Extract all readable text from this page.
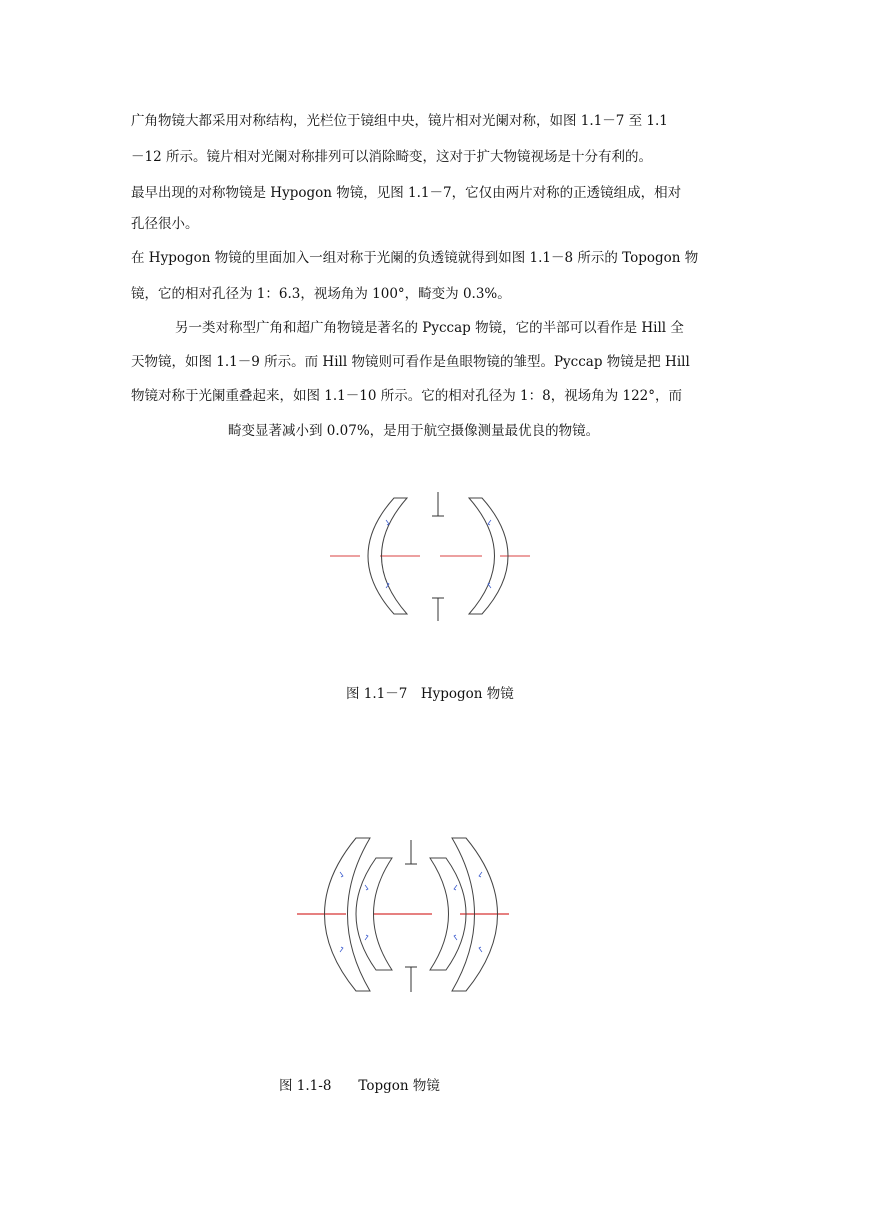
广角物镜大都采用对称结构，光栏位于镜组中央，镜片相对光阑对称，如图 1.1－7 至 1.1
－12 所示。镜片相对光阑对称排列可以消除畸变，这对于扩大物镜视场是十分有利的。
最早出现的对称物镜是 Hypogon 物镜，见图 1.1－7，它仅由两片对称的正透镜组成，相对
孔径很小。
在 Hypogon 物镜的里面加入一组对称于光阑的负透镜就得到如图 1.1－8 所示的 Topogon 物
镜，它的相对孔径为 1：6.3，视场角为 100°，畸变为 0.3%。
另一类对称型广角和超广角物镜是著名的 Pyccap 物镜，它的半部可以看作是 Hill 全
天物镜，如图 1.1－9 所示。而 Hill 物镜则可看作是鱼眼物镜的雏型。Pyccap 物镜是把 Hill
物镜对称于光阑重叠起来，如图 1.1－10 所示。它的相对孔径为 1：8，视场角为 122°，而
畸变显著减小到 0.07%，是用于航空摄像测量最优良的物镜。
图 1.1－7　Hypogon 物镜
图 1.1-8　　Topgon 物镜
